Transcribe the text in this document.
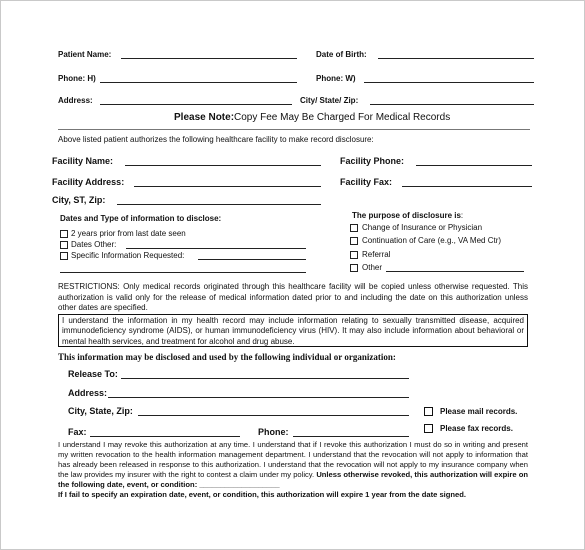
Patient Name:	Date of Birth:
Phone: H)	Phone: W)
Address:	City/ State/ Zip:
Please Note: Copy Fee May Be Charged For Medical Records
Above listed patient authorizes the following healthcare facility to make record disclosure:
Facility Name:	Facility Phone:
Facility Address:	Facility Fax:
City, ST, Zip:
Dates and Type of information to disclose:
2 years prior from last date seen
Dates Other:
Specific Information Requested:
The purpose of disclosure is:
Change of Insurance or Physician
Continuation of Care (e.g., VA Med Ctr)
Referral
Other

RESTRICTIONS: Only medical records originated through this healthcare facility will be copied unless otherwise requested. This authorization is valid only for the release of medical information dated prior to and including the date on this authorization unless other dates are specified.

I understand the information in my health record may include information relating to sexually transmitted disease, acquired immunodeficiency syndrome (AIDS), or human immunodeficiency virus (HIV). It may also include information about behavioral or mental health services, and treatment for alcohol and drug abuse.

This information may be disclosed and used by the following individual or organization:
Release To:
Address:
City, State, Zip:
Fax:	Phone:
Please mail records.
Please fax records.

I understand I may revoke this authorization at any time. I understand that if I revoke this authorization I must do so in writing and present my written revocation to the health information management department. I understand that the revocation will not apply to information that has already been released in response to this authorization. I understand that the revocation will not apply to my insurance company when the law provides my insurer with the right to contest a claim under my policy. Unless otherwise revoked, this authorization will expire on the following date, event, or condition: ___________________

If I fail to specify an expiration date, event, or condition, this authorization will expire 1 year from the date signed.
